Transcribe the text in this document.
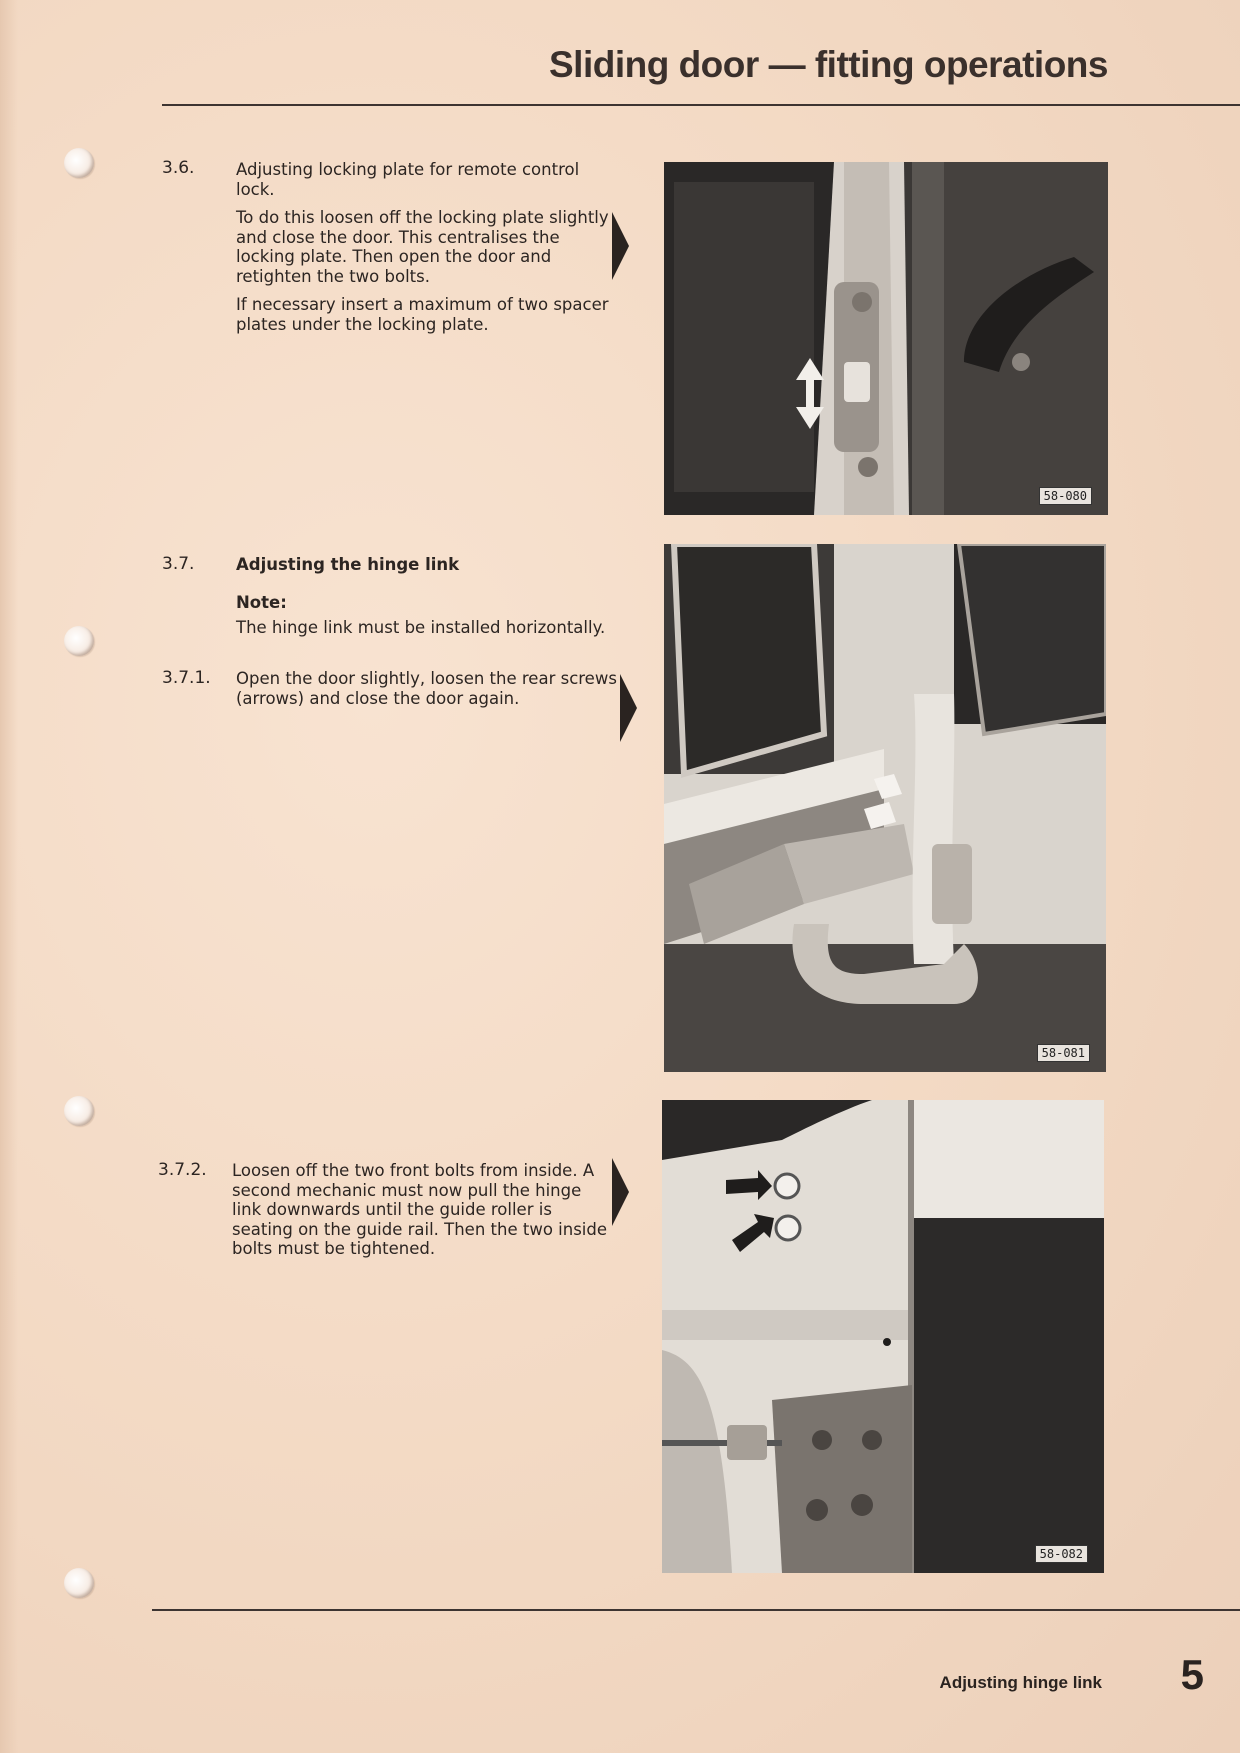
Sliding door — fitting operations

3.6.	Adjusting locking plate for remote control lock.

To do this loosen off the locking plate slightly and close the door. This centralises the locking plate. Then open the door and retighten the two bolts.

If necessary insert a maximum of two spacer plates under the locking plate.

3.7.	Adjusting the hinge link

Note:

The hinge link must be installed horizontally.

3.7.1. Open the door slightly, loosen the rear screws (arrows) and close the door again.

3.7.2. Loosen off the two front bolts from inside. A second mechanic must now pull the hinge link downwards until the guide roller is seating on the guide rail. Then the two inside bolts must be tightened.

58-080
58-081
58-082

Adjusting hinge link 5
